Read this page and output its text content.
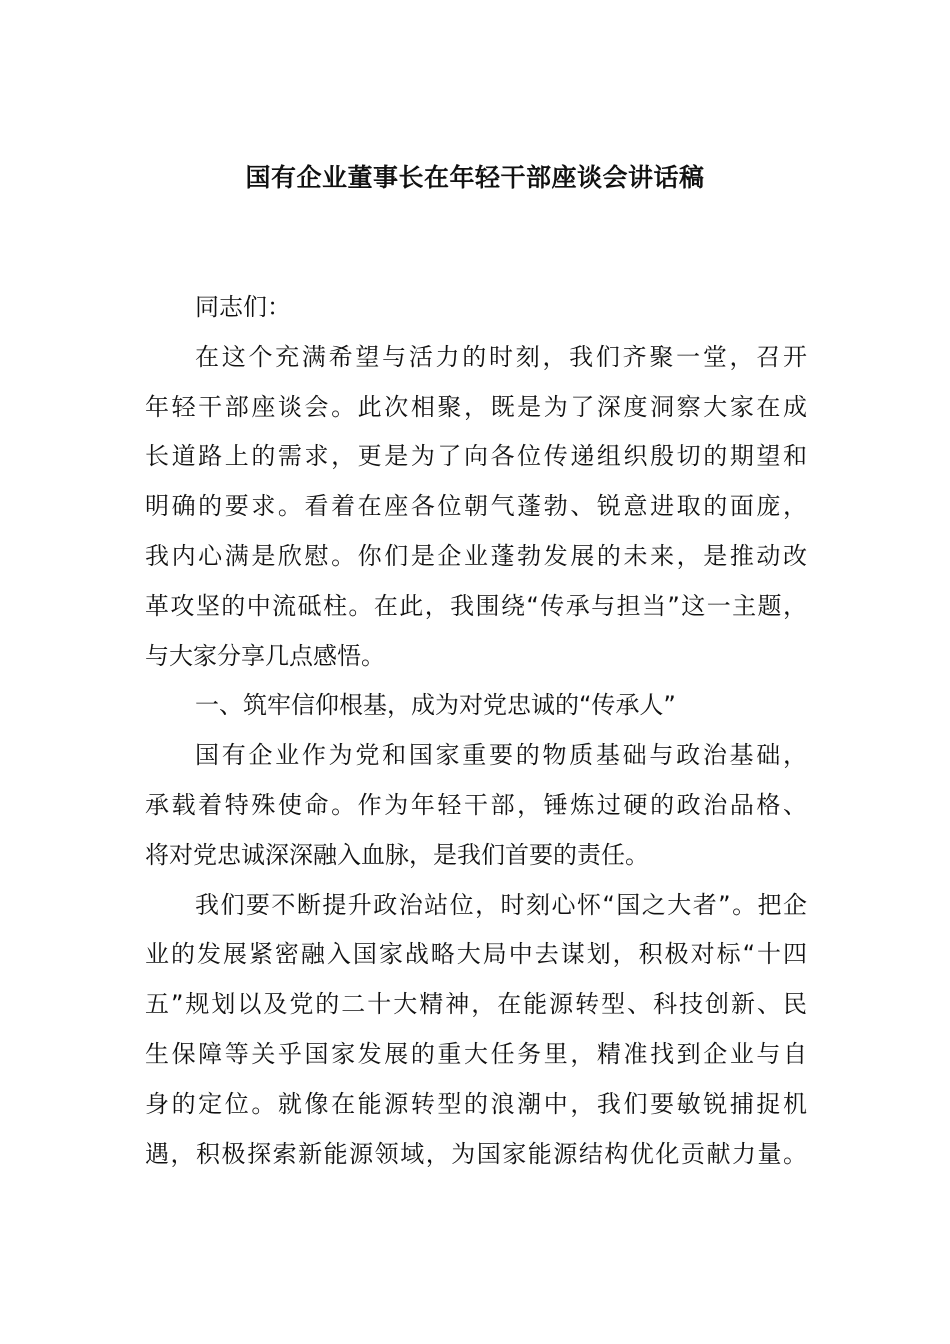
国有企业董事长在年轻干部座谈会讲话稿
同志们：
在这个充满希望与活力的时刻，我们齐聚一堂，召开
年轻干部座谈会。此次相聚，既是为了深度洞察大家在成
长道路上的需求，更是为了向各位传递组织殷切的期望和
明确的要求。看着在座各位朝气蓬勃、锐意进取的面庞，
我内心满是欣慰。你们是企业蓬勃发展的未来，是推动改
革攻坚的中流砥柱。在此，我围绕“传承与担当”这一主题，
与大家分享几点感悟。
一、筑牢信仰根基，成为对党忠诚的“传承人”
国有企业作为党和国家重要的物质基础与政治基础，
承载着特殊使命。作为年轻干部，锤炼过硬的政治品格、
将对党忠诚深深融入血脉，是我们首要的责任。
我们要不断提升政治站位，时刻心怀“国之大者”。把企
业的发展紧密融入国家战略大局中去谋划，积极对标“十四
五”规划以及党的二十大精神，在能源转型、科技创新、民
生保障等关乎国家发展的重大任务里，精准找到企业与自
身的定位。就像在能源转型的浪潮中，我们要敏锐捕捉机
遇，积极探索新能源领域，为国家能源结构优化贡献力量。
